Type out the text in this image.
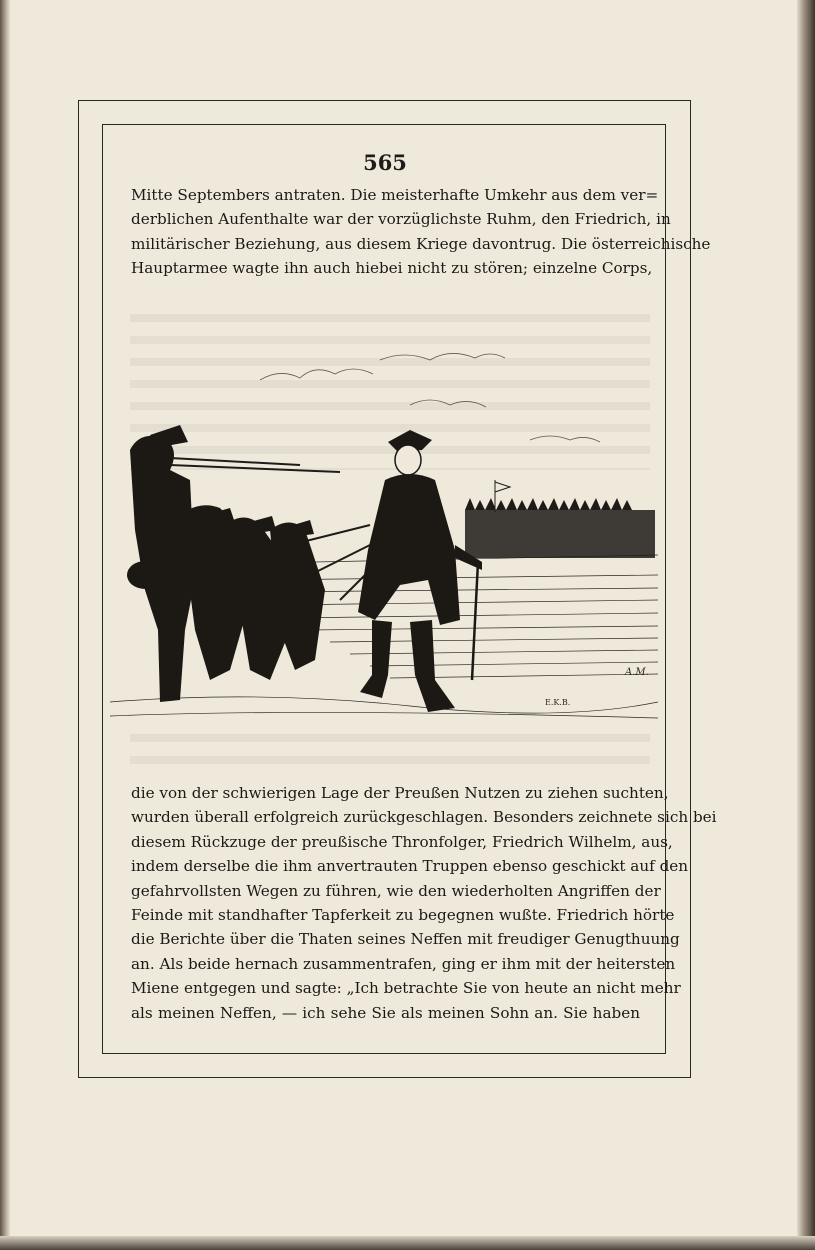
565
Mitte Septembers antraten. Die meisterhafte Umkehr aus dem ver=
derblichen Aufenthalte war der vorzüglichste Ruhm, den Friedrich, in
militärischer Beziehung, aus diesem Kriege davontrug. Die österreichische
Hauptarmee wagte ihn auch hiebei nicht zu stören; einzelne Corps,
E.K.B.
A.M.
die von der schwierigen Lage der Preußen Nutzen zu ziehen suchten,
wurden überall erfolgreich zurückgeschlagen. Besonders zeichnete sich bei
diesem Rückzuge der preußische Thronfolger, Friedrich Wilhelm, aus,
indem derselbe die ihm anvertrauten Truppen ebenso geschickt auf den
gefahrvollsten Wegen zu führen, wie den wiederholten Angriffen der
Feinde mit standhafter Tapferkeit zu begegnen wußte. Friedrich hörte
die Berichte über die Thaten seines Neffen mit freudiger Genugthuung
an. Als beide hernach zusammentrafen, ging er ihm mit der heitersten
Miene entgegen und sagte: „Ich betrachte Sie von heute an nicht mehr
als meinen Neffen, — ich sehe Sie als meinen Sohn an. Sie haben
